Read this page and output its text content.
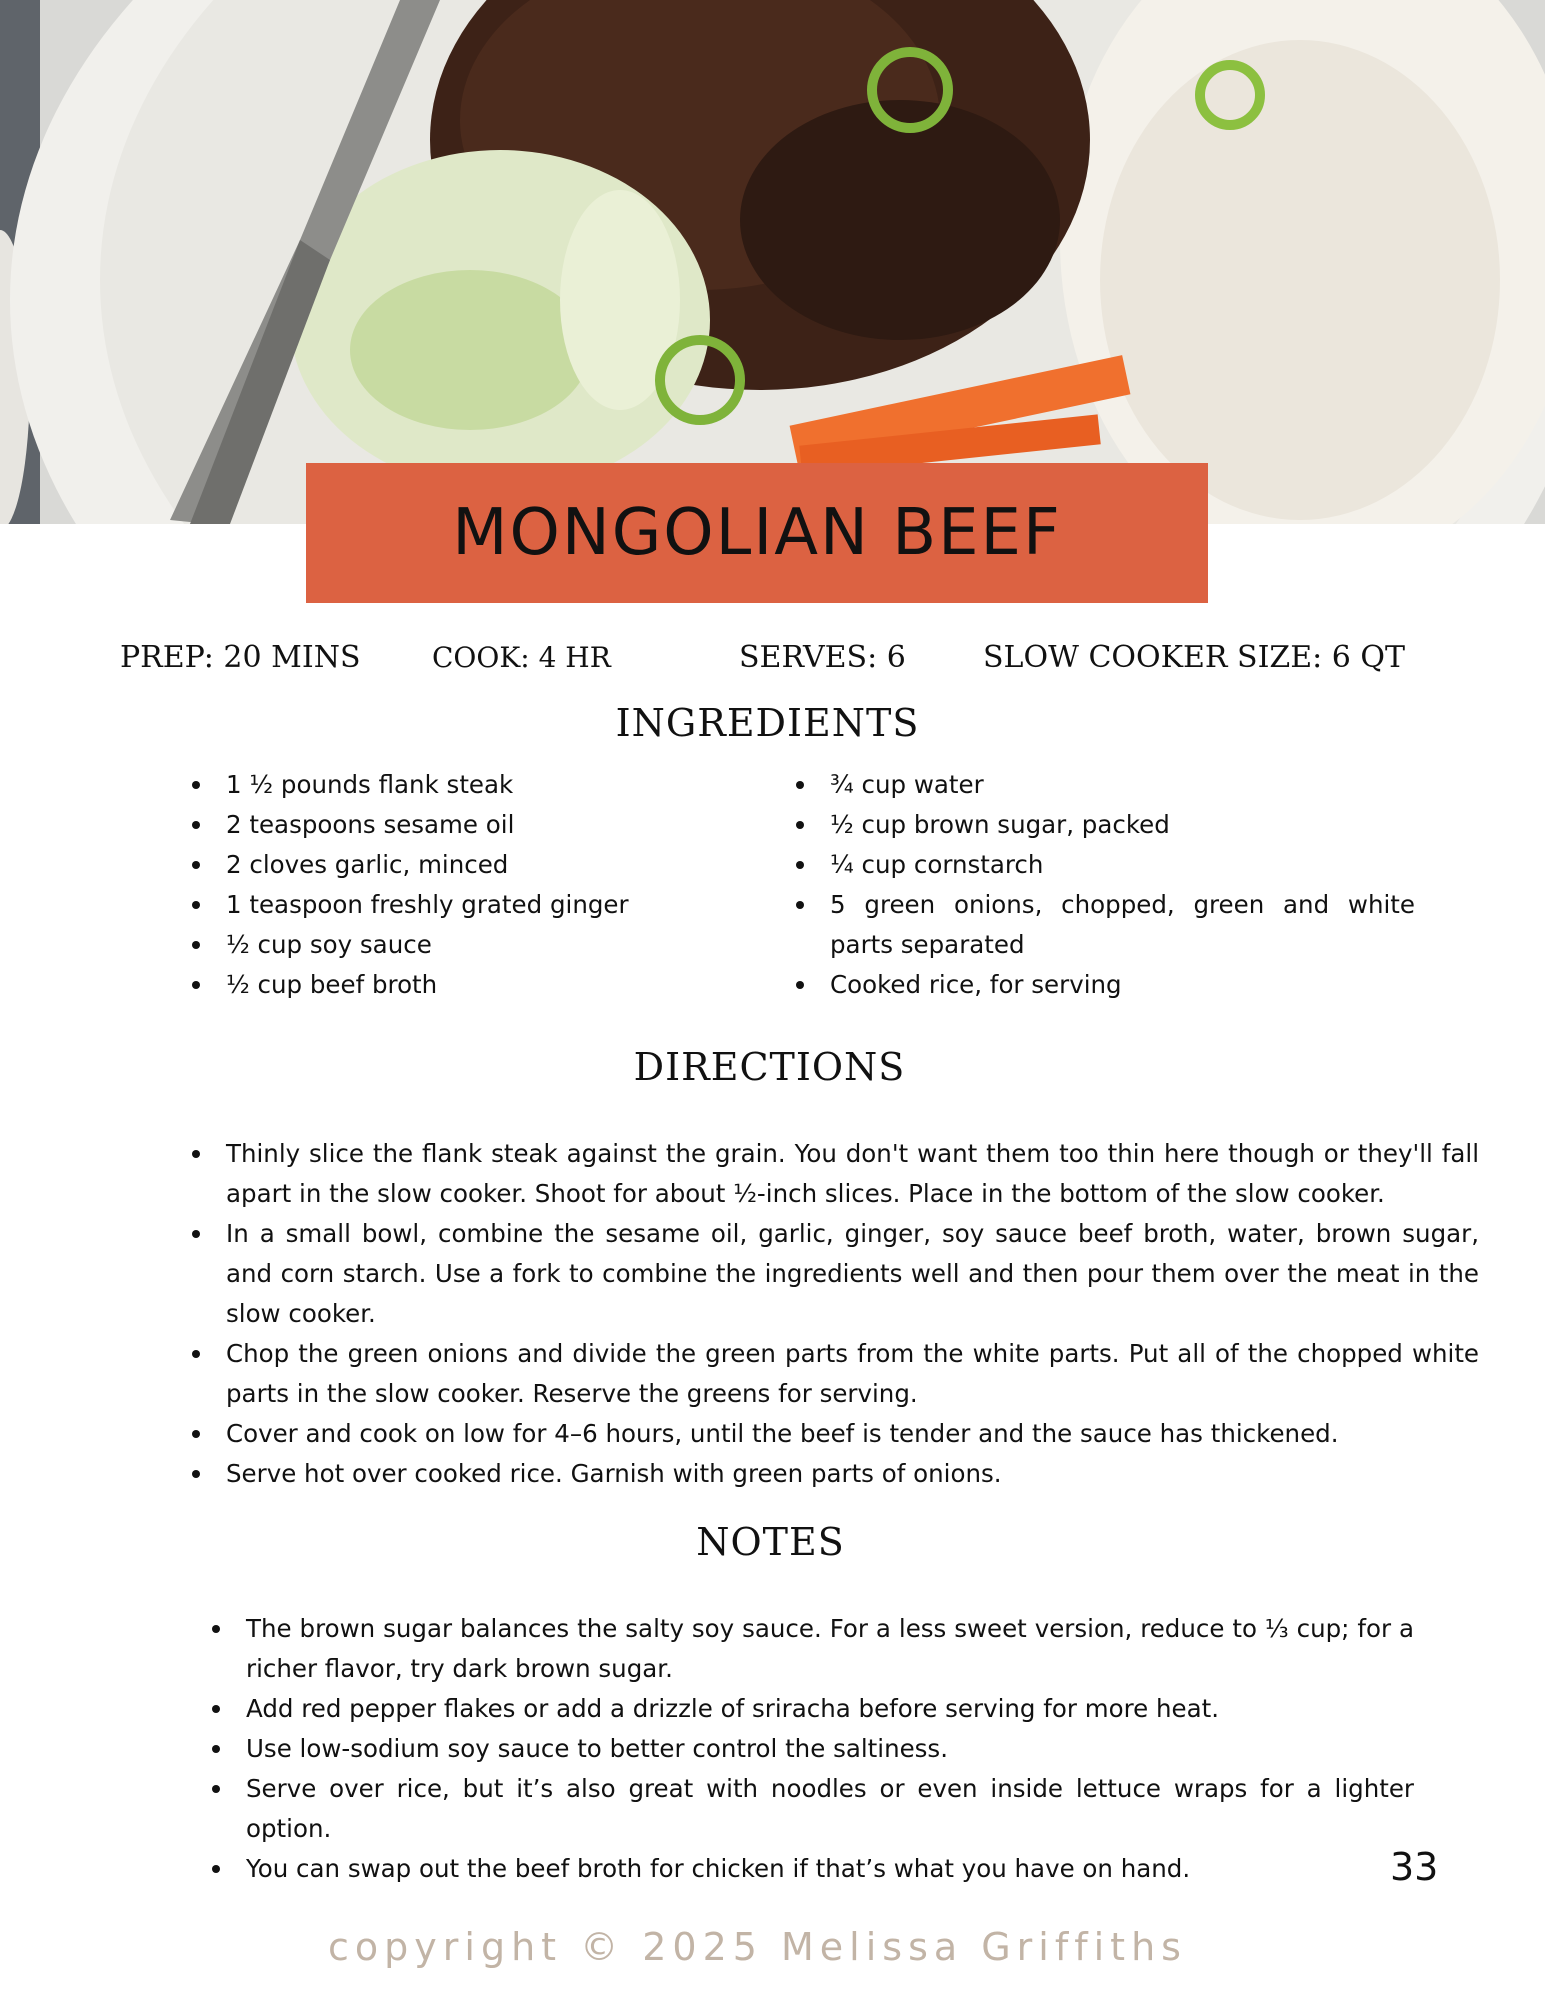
MONGOLIAN BEEF
PREP: 20 MINS	COOK: 4 HR	SERVES: 6	SLOW COOKER SIZE: 6 QT
INGREDIENTS
1 ½ pounds flank steak
2 teaspoons sesame oil
2 cloves garlic, minced
1 teaspoon freshly grated ginger
½ cup soy sauce
½ cup beef broth
¾ cup water
½ cup brown sugar, packed
¼ cup cornstarch
5 green onions, chopped, green and white parts separated
Cooked rice, for serving
DIRECTIONS
Thinly slice the flank steak against the grain. You don't want them too thin here though or they'll fall apart in the slow cooker. Shoot for about ½-inch slices. Place in the bottom of the slow cooker.
In a small bowl, combine the sesame oil, garlic, ginger, soy sauce beef broth, water, brown sugar, and corn starch. Use a fork to combine the ingredients well and then pour them over the meat in the slow cooker.
Chop the green onions and divide the green parts from the white parts. Put all of the chopped white parts in the slow cooker. Reserve the greens for serving.
Cover and cook on low for 4–6 hours, until the beef is tender and the sauce has thickened.
Serve hot over cooked rice. Garnish with green parts of onions.
NOTES
The brown sugar balances the salty soy sauce. For a less sweet version, reduce to ⅓ cup; for a richer flavor, try dark brown sugar.
Add red pepper flakes or add a drizzle of sriracha before serving for more heat.
Use low-sodium soy sauce to better control the saltiness.
Serve over rice, but it’s also great with noodles or even inside lettuce wraps for a lighter option.
You can swap out the beef broth for chicken if that’s what you have on hand.	33
copyright © 2025 Melissa Griffiths
